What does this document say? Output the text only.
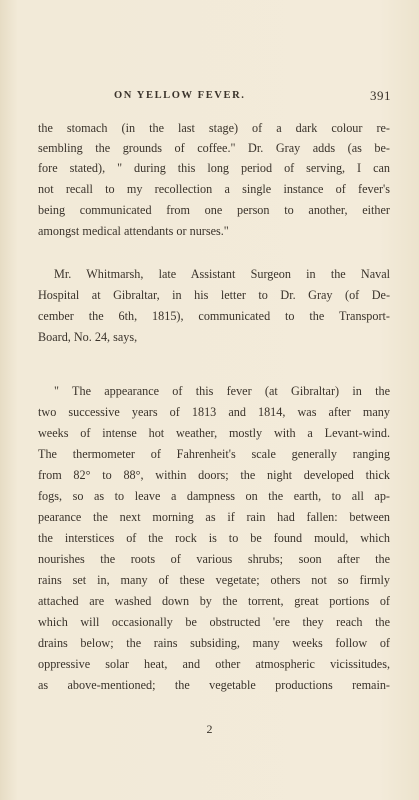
ON YELLOW FEVER.	391
the stomach (in the last stage) of a dark colour re-
sembling the grounds of coffee." Dr. Gray adds (as be-
fore stated), " during this long period of serving, I can
not recall to my recollection a single instance of fever's
being communicated from one person to another, either
amongst medical attendants or nurses."
Mr. Whitmarsh, late Assistant Surgeon in the Naval
Hospital at Gibraltar, in his letter to Dr. Gray (of De-
cember the 6th, 1815), communicated to the Transport-
Board, No. 24, says,
" The appearance of this fever (at Gibraltar) in the
two successive years of 1813 and 1814, was after many
weeks of intense hot weather, mostly with a Levant-wind.
The thermometer of Fahrenheit's scale generally ranging
from 82° to 88°, within doors; the night developed thick
fogs, so as to leave a dampness on the earth, to all ap-
pearance the next morning as if rain had fallen: between
the interstices of the rock is to be found mould, which
nourishes the roots of various shrubs; soon after the
rains set in, many of these vegetate; others not so firmly
attached are washed down by the torrent, great portions of
which will occasionally be obstructed 'ere they reach the
drains below; the rains subsiding, many weeks follow of
oppressive solar heat, and other atmospheric vicissitudes,
as above-mentioned; the vegetable productions remain-
2
